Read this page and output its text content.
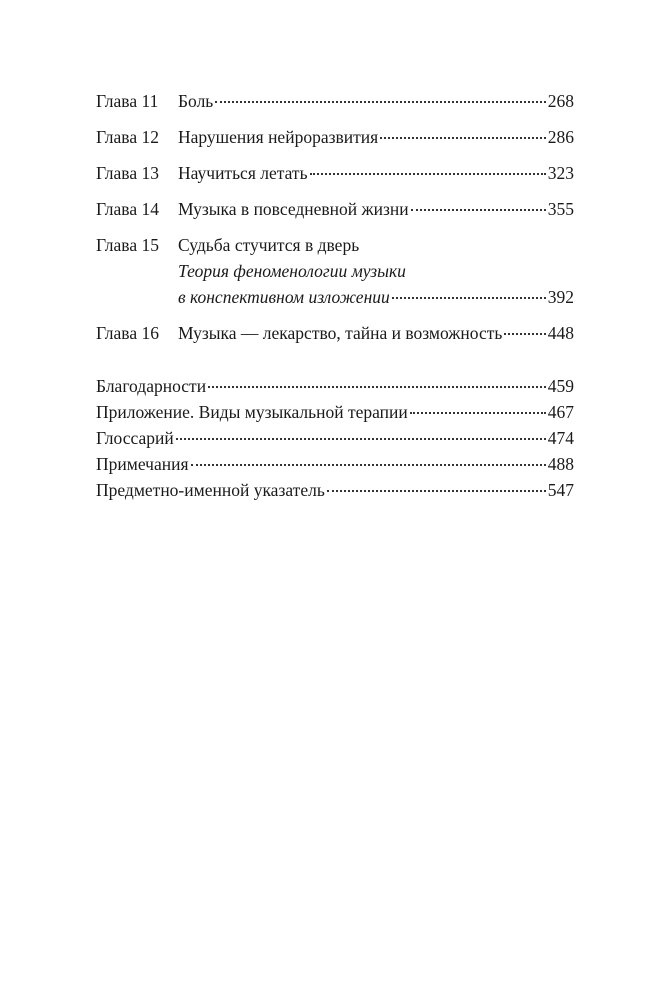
Глава 11	Боль	268
Глава 12	Нарушения нейроразвития	286
Глава 13	Научиться летать	323
Глава 14	Музыка в повседневной жизни	355
Глава 15	Судьба стучится в дверь
Теория феноменологии музыки
в конспективном изложении	392
Глава 16	Музыка — лекарство, тайна и возможность	448
Благодарности	459
Приложение. Виды музыкальной терапии	467
Глоссарий	474
Примечания	488
Предметно-именной указатель	547
